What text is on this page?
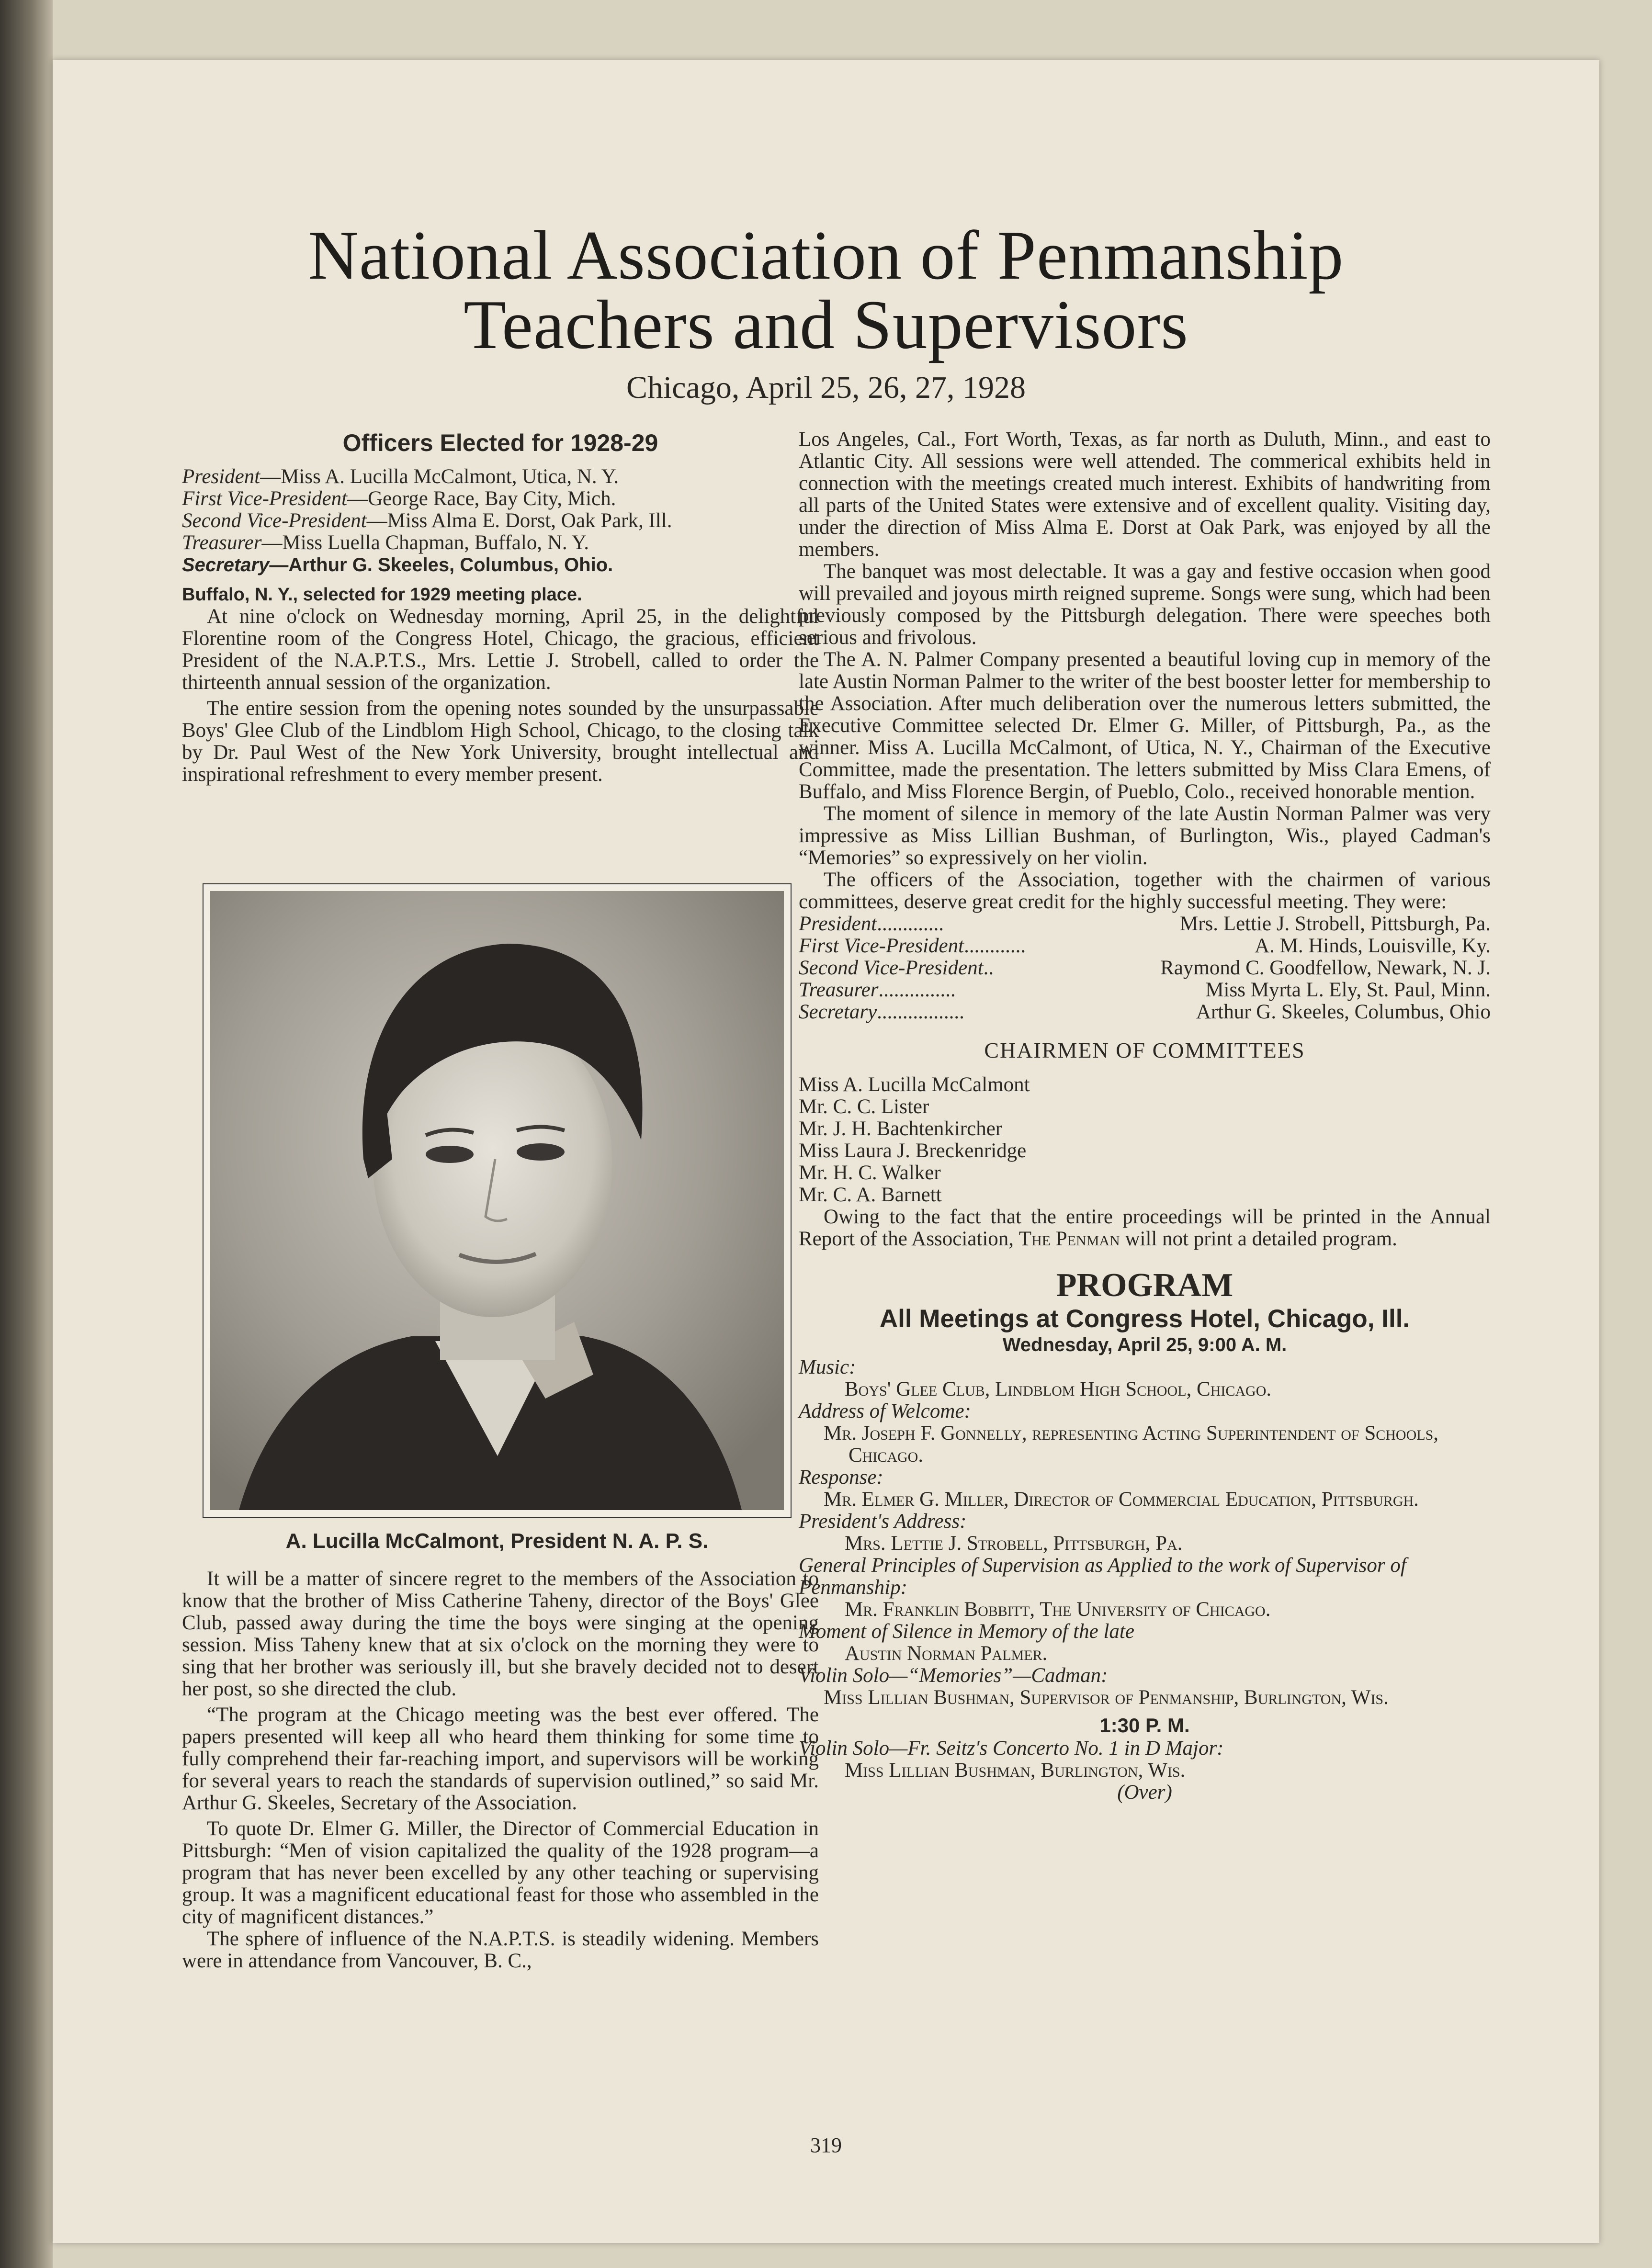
National Association of Penmanship
Teachers and Supervisors
Chicago, April 25, 26, 27, 1928
Officers Elected for 1928-29

President—Miss A. Lucilla McCalmont, Utica, N. Y.

First Vice-President—George Race, Bay City, Mich.

Second Vice-President—Miss Alma E. Dorst, Oak Park, Ill.

Treasurer—Miss Luella Chapman, Buffalo, N. Y.

Secretary—Arthur G. Skeeles, Columbus, Ohio.

Buffalo, N. Y., selected for 1929 meeting place.

At nine o'clock on Wednesday morning, April 25, in the delightful Florentine room of the Congress Hotel, Chicago, the gracious, efficient President of the N.A.P.T.S., Mrs. Lettie J. Strobell, called to order the thirteenth annual session of the organization.

The entire session from the opening notes sounded by the unsurpassable Boys' Glee Club of the Lindblom High School, Chicago, to the closing talk by Dr. Paul West of the New York University, brought intellectual and inspirational refreshment to every member present.

A. Lucilla McCalmont, President N. A. P. S.

It will be a matter of sincere regret to the members of the Association to know that the brother of Miss Catherine Taheny, director of the Boys' Glee Club, passed away during the time the boys were singing at the opening session. Miss Taheny knew that at six o'clock on the morning they were to sing that her brother was seriously ill, but she bravely decided not to desert her post, so she directed the club.

“The program at the Chicago meeting was the best ever offered. The papers presented will keep all who heard them thinking for some time to fully comprehend their far-reaching import, and supervisors will be working for several years to reach the standards of supervision outlined,” so said Mr. Arthur G. Skeeles, Secretary of the Association.

To quote Dr. Elmer G. Miller, the Director of Commercial Education in Pittsburgh: “Men of vision capitalized the quality of the 1928 program—a program that has never been excelled by any other teaching or supervising group. It was a magnificent educational feast for those who assembled in the city of magnificent distances.”

The sphere of influence of the N.A.P.T.S. is steadily widening. Members were in attendance from Vancouver, B. C.,

Los Angeles, Cal., Fort Worth, Texas, as far north as Duluth, Minn., and east to Atlantic City. All sessions were well attended. The commerical exhibits held in connection with the meetings created much interest. Exhibits of handwriting from all parts of the United States were extensive and of excellent quality. Visiting day, under the direction of Miss Alma E. Dorst at Oak Park, was enjoyed by all the members.

The banquet was most delectable. It was a gay and festive occasion when good will prevailed and joyous mirth reigned supreme. Songs were sung, which had been previously composed by the Pittsburgh delegation. There were speeches both serious and frivolous.

The A. N. Palmer Company presented a beautiful loving cup in memory of the late Austin Norman Palmer to the writer of the best booster letter for membership to the Association. After much deliberation over the numerous letters submitted, the Executive Committee selected Dr. Elmer G. Miller, of Pittsburgh, Pa., as the winner. Miss A. Lucilla McCalmont, of Utica, N. Y., Chairman of the Executive Committee, made the presentation. The letters submitted by Miss Clara Emens, of Buffalo, and Miss Florence Bergin, of Pueblo, Colo., received honorable mention.

The moment of silence in memory of the late Austin Norman Palmer was very impressive as Miss Lillian Bushman, of Burlington, Wis., played Cadman's “Memories” so expressively on her violin.

The officers of the Association, together with the chairmen of various committees, deserve great credit for the highly successful meeting. They were:

President.............	Mrs. Lettie J. Strobell, Pittsburgh, Pa.
First Vice-President............	A. M. Hinds, Louisville, Ky.
Second Vice-President..	Raymond C. Goodfellow, Newark, N. J.
Treasurer...............	Miss Myrta L. Ely, St. Paul, Minn.
Secretary.................	Arthur G. Skeeles, Columbus, Ohio
CHAIRMEN OF COMMITTEES

Miss A. Lucilla McCalmont

Mr. C. C. Lister

Mr. J. H. Bachtenkircher

Miss Laura J. Breckenridge

Mr. H. C. Walker

Mr. C. A. Barnett

Owing to the fact that the entire proceedings will be printed in the Annual Report of the Association, The Penman will not print a detailed program.

PROGRAM
All Meetings at Congress Hotel, Chicago, Ill.
Wednesday, April 25, 9:00 A. M.

Music:

Boys' Glee Club, Lindblom High School, Chicago.

Address of Welcome:

Mr. Joseph F. Gonnelly, representing Acting Superintendent of Schools, Chicago.

Response:

Mr. Elmer G. Miller, Director of Commercial Education, Pittsburgh.

President's Address:

Mrs. Lettie J. Strobell, Pittsburgh, Pa.

General Principles of Supervision as Applied to the work of Supervisor of Penmanship:

Mr. Franklin Bobbitt, The University of Chicago.

Moment of Silence in Memory of the late

Austin Norman Palmer.

Violin Solo—“Memories”—Cadman:

Miss Lillian Bushman, Supervisor of Penmanship, Burlington, Wis.

1:30 P. M.

Violin Solo—Fr. Seitz's Concerto No. 1 in D Major:

Miss Lillian Bushman, Burlington, Wis.

(Over)

319
